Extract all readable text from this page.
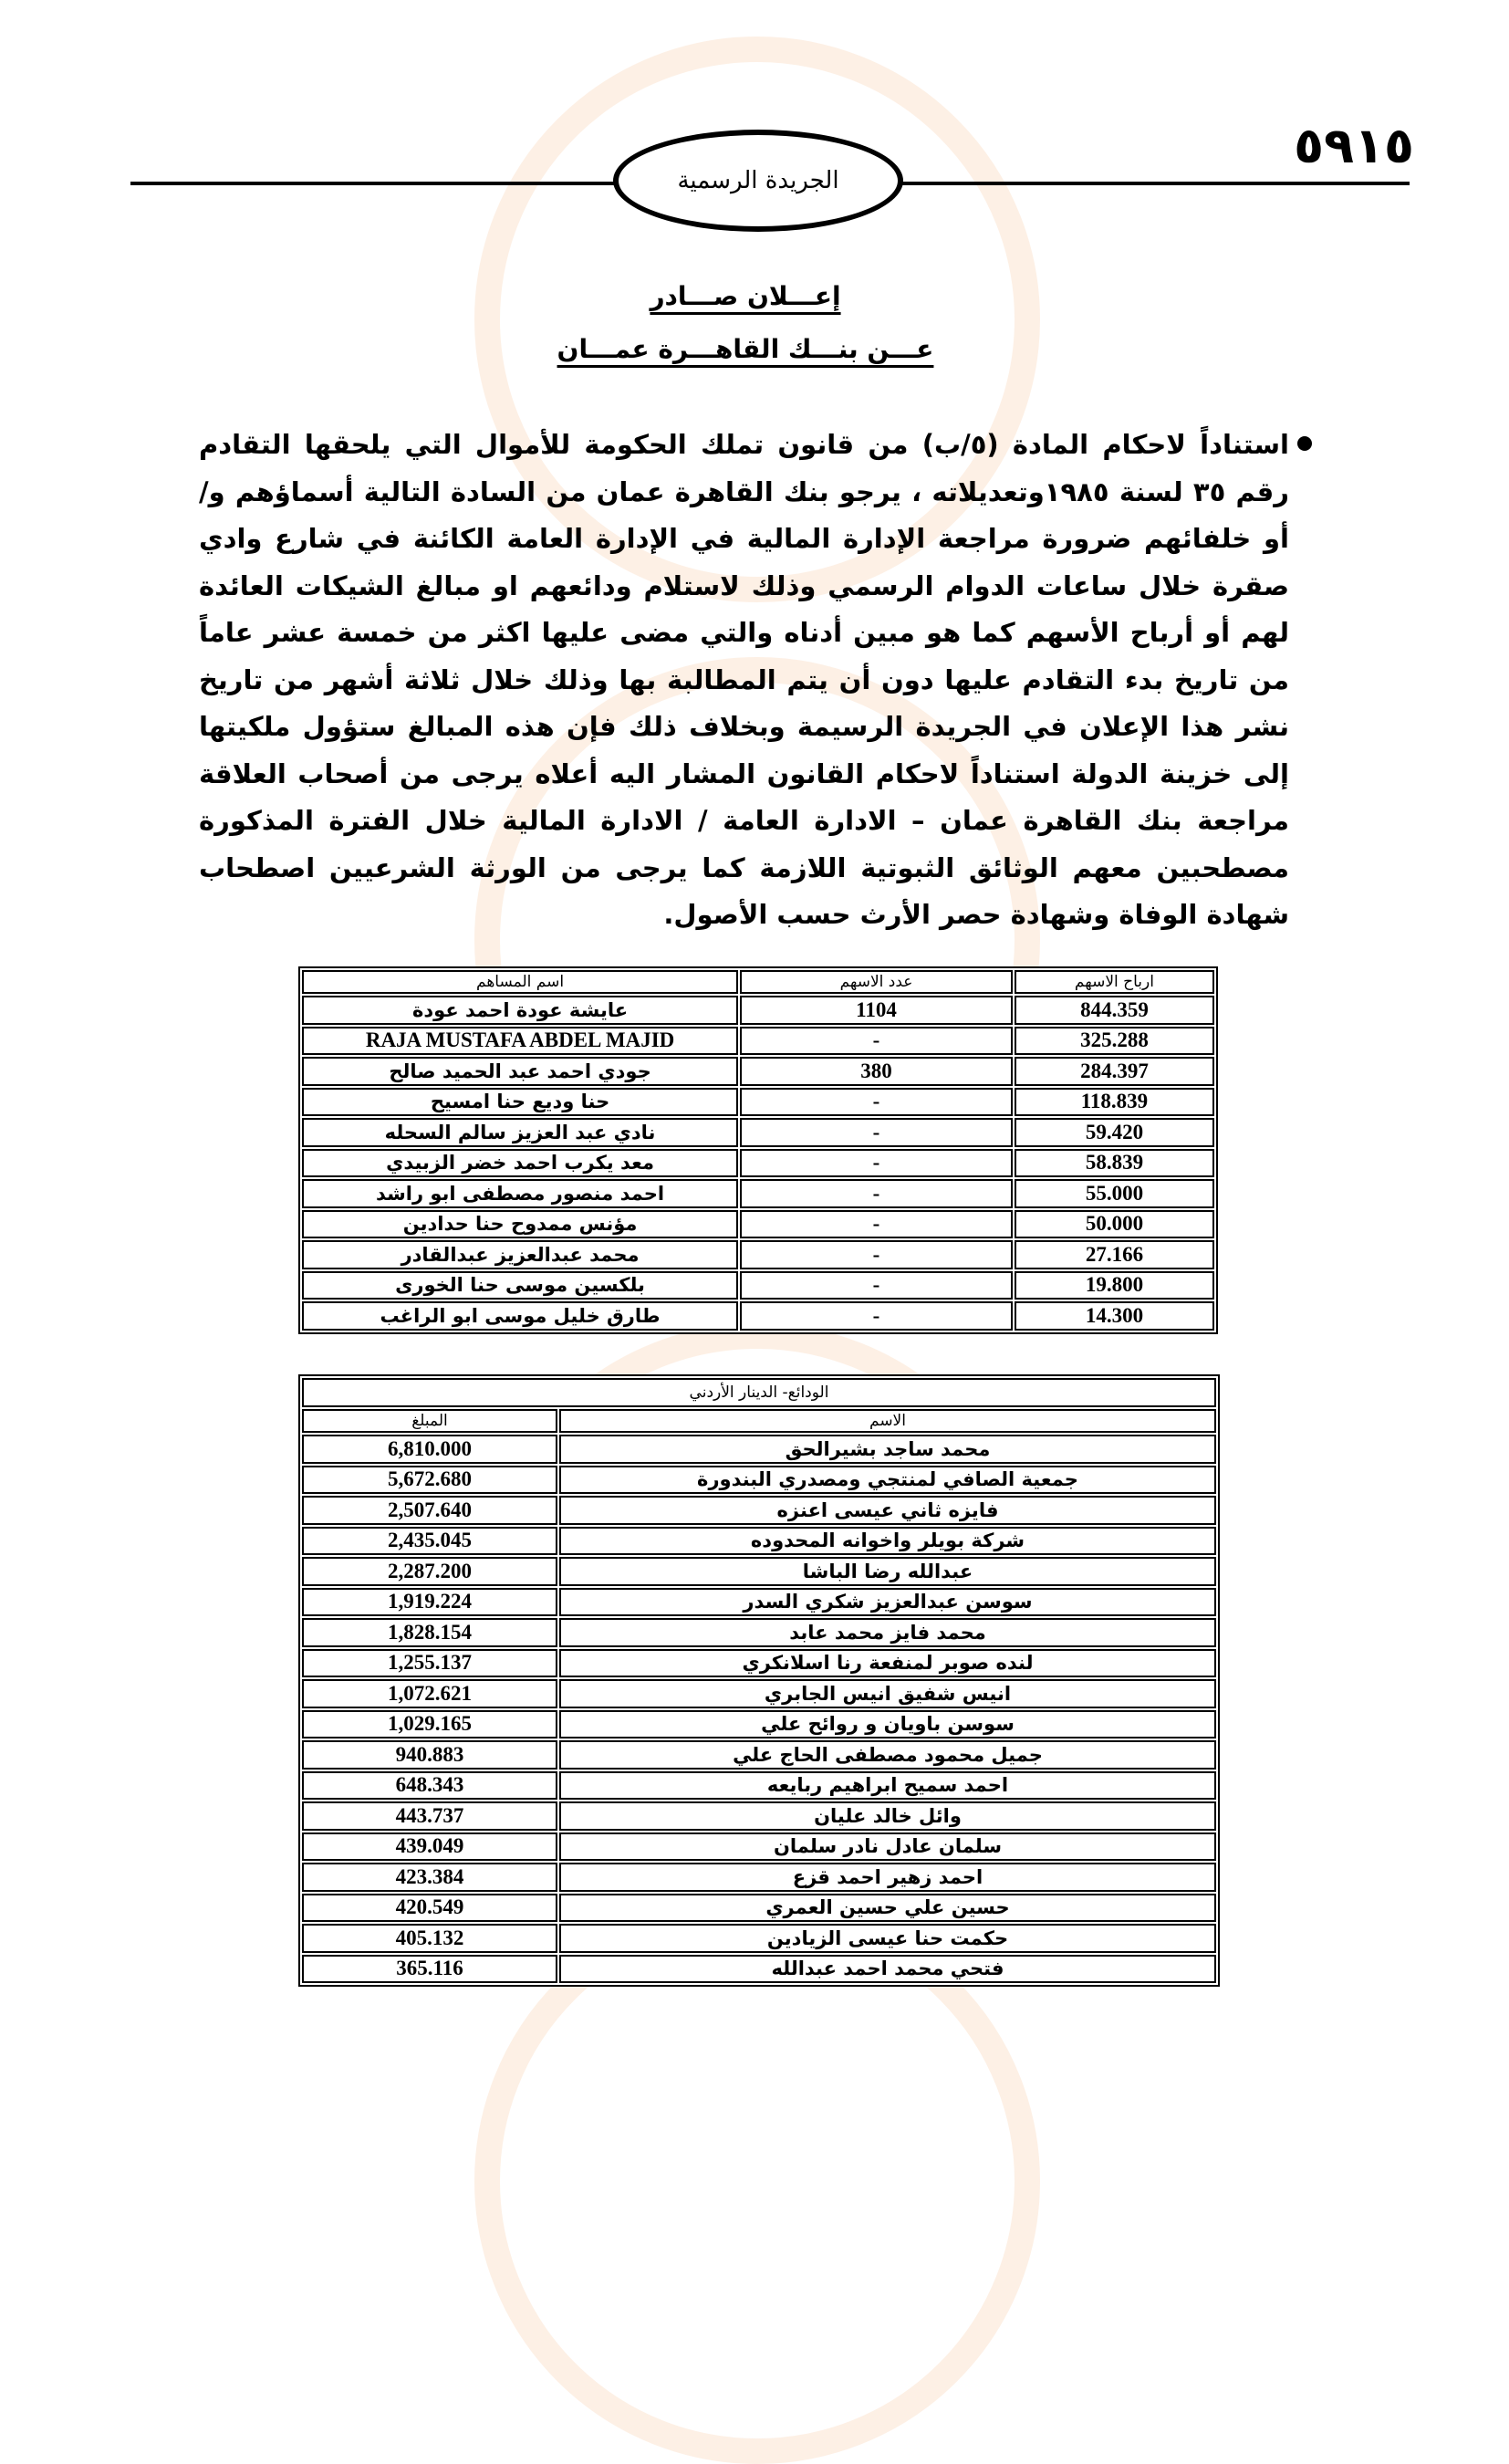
٥٩١٥
الجريدة الرسمية
إعـــلان صـــادر
عـــن بنـــك القاهـــرة عمـــان
استناداً لاحكام المادة (٥/ب) من قانون تملك الحكومة للأموال التي يلحقها التقادم رقم ٣٥ لسنة ١٩٨٥وتعديلاته ، يرجو بنك القاهرة عمان من السادة التالية أسماؤهم و/أو خلفائهم ضرورة مراجعة الإدارة المالية في الإدارة العامة الكائنة في شارع وادي صقرة خلال ساعات الدوام الرسمي وذلك لاستلام ودائعهم او مبالغ الشيكات العائدة لهم أو أرباح الأسهم كما هو مبين أدناه والتي مضى عليها اكثر من خمسة عشر عاماً من تاريخ بدء التقادم عليها دون أن يتم المطالبة بها وذلك خلال ثلاثة أشهر من تاريخ نشر هذا الإعلان في الجريدة الرسيمة وبخلاف ذلك فإن هذه المبالغ ستؤول ملكيتها إلى خزينة الدولة استناداً لاحكام القانون المشار اليه أعلاه يرجى من أصحاب العلاقة مراجعة بنك القاهرة عمان – الادارة العامة / الادارة المالية خلال الفترة المذكورة مصطحبين معهم الوثائق الثبوتية اللازمة كما يرجى من الورثة الشرعيين اصطحاب شهادة الوفاة وشهادة حصر الأرث حسب الأصول.
ارباح الاسهم	عدد الاسهم	اسم المساهم
844.359	1104	عايشة عودة احمد عودة
325.288	-	RAJA MUSTAFA ABDEL MAJID
284.397	380	جودي احمد عبد الحميد صالح
118.839	-	حنا وديع حنا امسيح
59.420	-	نادي عبد العزيز سالم السحله
58.839	-	معد يكرب احمد خضر الزبيدي
55.000	-	احمد منصور مصطفى ابو راشد
50.000	-	مؤنس ممدوح حنا حدادين
27.166	-	محمد عبدالعزيز عبدالقادر
19.800	-	بلكسين موسى حنا الخورى
14.300	-	طارق خليل موسى ابو الراغب
الودائع- الدينار الأردني	
الاسم	المبلغ
محمد ساجد بشيرالحق	6,810.000
جمعية الصافي لمنتجي ومصدري البندورة	5,672.680
فايزه ثاني عيسى اعنزه	2,507.640
شركة بويلر واخوانه المحدوده	2,435.045
عبدالله رضا الباشا	2,287.200
سوسن عبدالعزيز شكري السدر	1,919.224
محمد فايز محمد عابد	1,828.154
لنده صوبر لمنفعة رنا اسلانكري	1,255.137
انيس شفيق انيس الجابري	1,072.621
سوسن باويان و روائح علي	1,029.165
جميل محمود مصطفى الحاج علي	940.883
احمد سميح ابراهيم ربايعه	648.343
وائل خالد عليان	443.737
سلمان عادل نادر سلمان	439.049
احمد زهير احمد قزع	423.384
حسين علي حسين العمري	420.549
حكمت حنا عيسى الزيادين	405.132
فتحي محمد احمد عبدالله	365.116
